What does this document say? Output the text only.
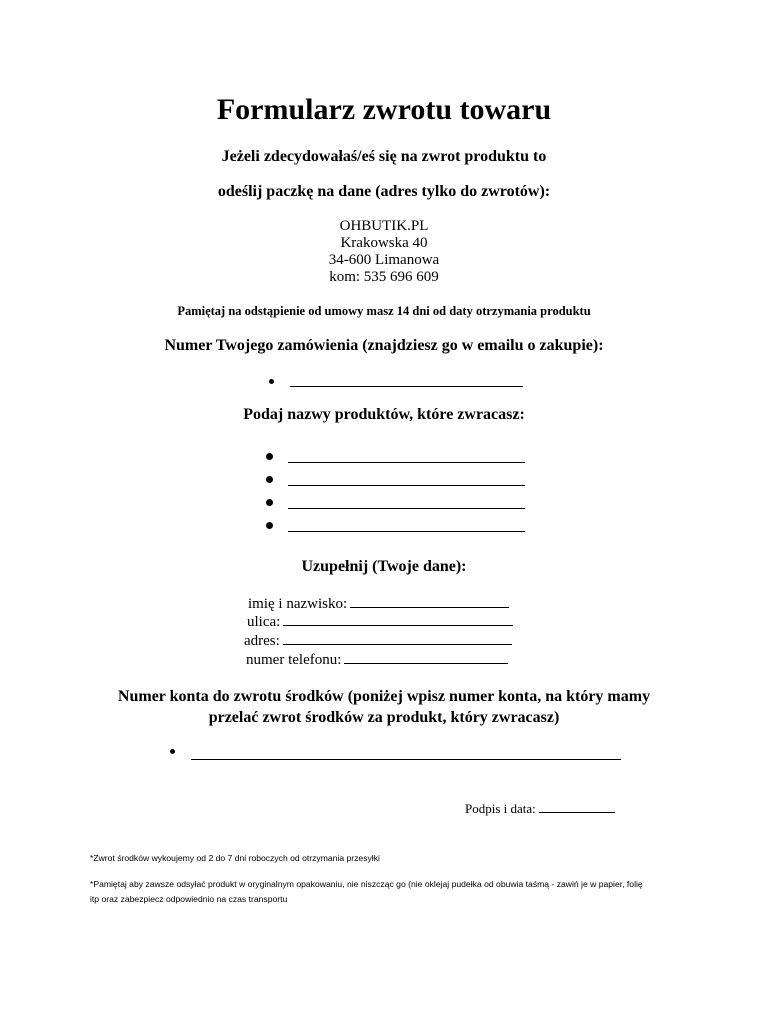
Formularz zwrotu towaru
Jeżeli zdecydowałaś/eś się na zwrot produktu to
odeślij paczkę na dane (adres tylko do zwrotów):
OHBUTIK.PL
Krakowska 40
34-600 Limanowa
kom: 535 696 609
Pamiętaj na odstąpienie od umowy masz 14 dni od daty otrzymania produktu
Numer Twojego zamówienia (znajdziesz go w emailu o zakupie):
Podaj nazwy produktów, które zwracasz:
Uzupełnij (Twoje dane):
imię i nazwisko:
ulica:
adres:
numer telefonu:
Numer konta do zwrotu środków (poniżej wpisz numer konta, na który mamy
przelać zwrot środków za produkt, który zwracasz)
Podpis i data:
*Zwrot środków wykoujemy od 2 do 7 dni roboczych od otrzymania przesyłki
*Pamiętaj aby zawsze odsyłać produkt w oryginalnym opakowaniu, nie niszcząc go (nie oklejaj pudełka od obuwia taśmą - zawiń je w papier, folię
itp oraz zabezpiecz odpowiednio na czas transportu
